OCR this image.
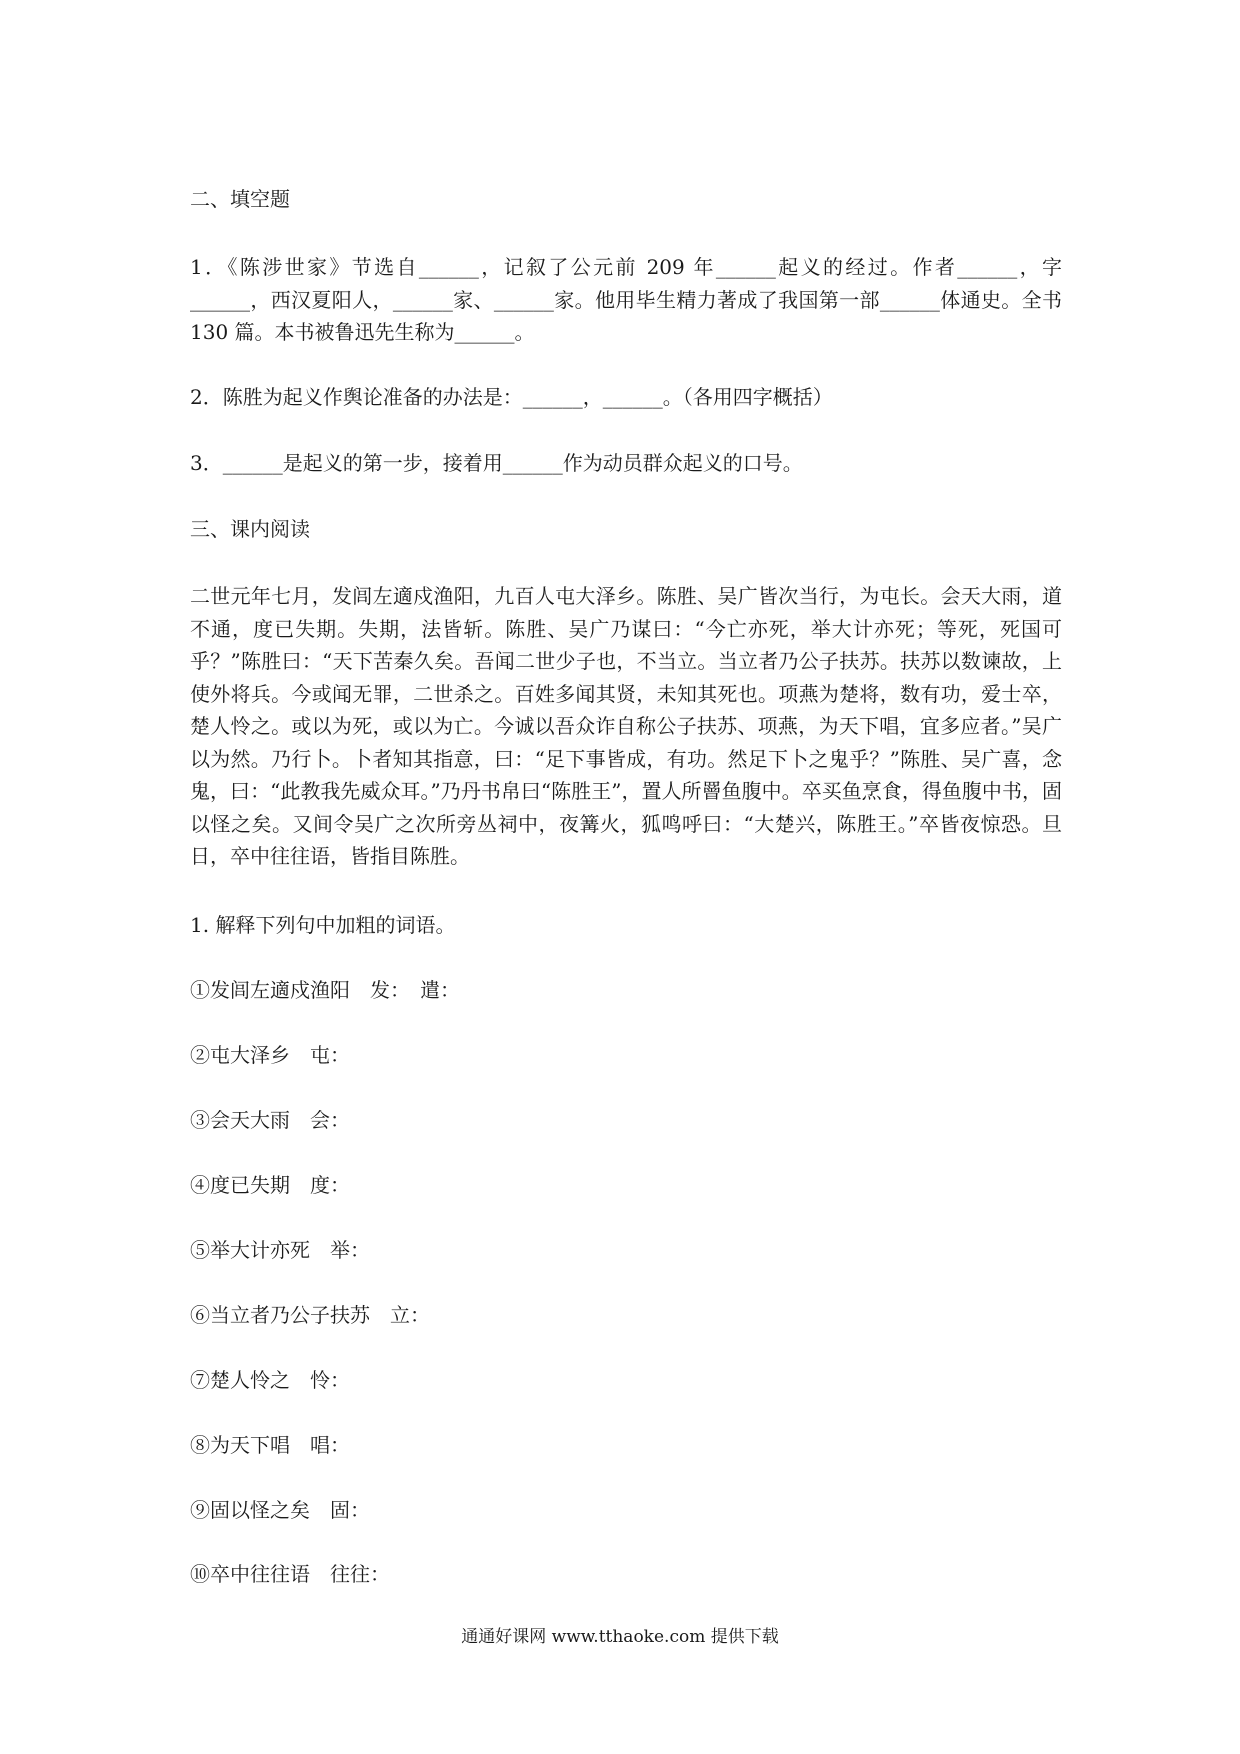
二、填空题
1．《陈涉世家》节选自______，记叙了公元前 209 年______起义的经过。作者______，字______，西汉夏阳人，______家、______家。他用毕生精力著成了我国第一部______体通史。全书 130 篇。本书被鲁迅先生称为______。
2．陈胜为起义作舆论准备的办法是：______，______。（各用四字概括）
3．______是起义的第一步，接着用______作为动员群众起义的口号。
三、课内阅读
二世元年七月，发闾左適戍渔阳，九百人屯大泽乡。陈胜、吴广皆次当行，为屯长。会天大雨，道不通，度已失期。失期，法皆斩。陈胜、吴广乃谋曰：“今亡亦死，举大计亦死；等死，死国可乎？”陈胜曰：“天下苦秦久矣。吾闻二世少子也，不当立。当立者乃公子扶苏。扶苏以数谏故，上使外将兵。今或闻无罪，二世杀之。百姓多闻其贤，未知其死也。项燕为楚将，数有功，爱士卒，楚人怜之。或以为死，或以为亡。今诚以吾众诈自称公子扶苏、项燕，为天下唱，宜多应者。”吴广以为然。乃行卜。卜者知其指意，曰：“足下事皆成，有功。然足下卜之鬼乎？”陈胜、吴广喜，念鬼，曰：“此教我先威众耳。”乃丹书帛曰“陈胜王”，置人所罾鱼腹中。卒买鱼烹食，得鱼腹中书，固以怪之矣。又间令吴广之次所旁丛祠中，夜篝火，狐鸣呼曰：“大楚兴，陈胜王。”卒皆夜惊恐。旦日，卒中往往语，皆指目陈胜。
1. 解释下列句中加粗的词语。
①发闾左適戍渔阳　发：　遣：
②屯大泽乡　屯：
③会天大雨　会：
④度已失期　度：
⑤举大计亦死　举：
⑥当立者乃公子扶苏　立：
⑦楚人怜之　怜：
⑧为天下唱　唱：
⑨固以怪之矣　固：
⑩卒中往往语　往往：
通通好课网 www.tthaoke.com 提供下载
